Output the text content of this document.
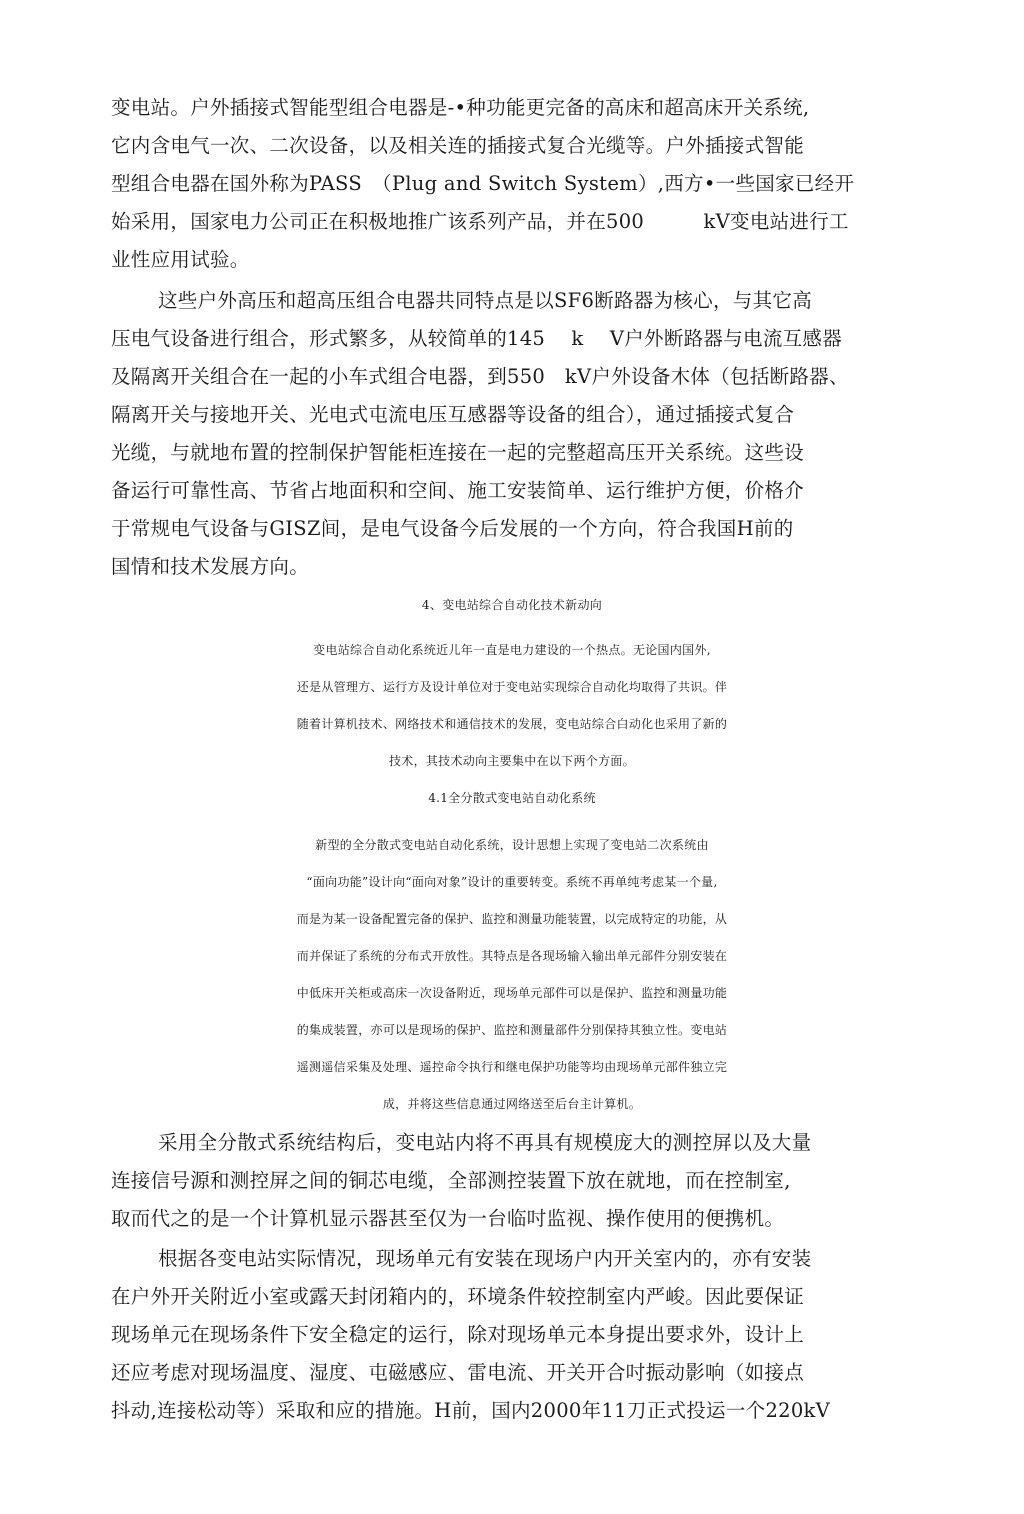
变电站。户外插接式智能型组合电器是-•种功能更完备的高床和超高床开关系统,
它内含电气一次、二次设备，以及相关连的插接式复合光缆等。户外插接式智能
型组合电器在国外称为PASS　（Plug and Switch System）,西方•一些国家已经开
始采用，国家电力公司正在积极地推广该系列产品，并在500　　　kV变电站进行工
业性应用试验。
这些户外高压和超高压组合电器共同特点是以SF6断路器为核心，与其它高
压电气设备进行组合，形式繁多，从较简单的145　 k　 V户外断路器与电流互感器
及隔离开关组合在一起的小车式组合电器，到550　kV户外设备木体（包括断路器、
隔离开关与接地开关、光电式屯流电压互感器等设备的组合），通过插接式复合
光缆，与就地布置的控制保护智能柜连接在一起的完整超高压开关系统。这些设
备运行可靠性高、节省占地面积和空间、施工安装简单、运行维护方便，价格介
于常规电气设备与GISZ间，是电气设备今后发展的一个方向，符合我国H前的
国情和技术发展方向。
4、变电站综合自动化技术新动向
变电站综合自动化系统近儿年一直是电力建设的一个热点。无论国内国外,
还是从管理方、运行方及设计单位对于变电站实现综合自动化均取得了共识。伴
随着计算机技术、网络技术和通信技术的发展，变电站综合白动化也采用了新的
技术，其技术动向主要集中在以下两个方面。
4.1全分散式变电站自动化系统
新型的全分散式变电站自动化系统，设计思想上实现了变电站二次系统由
“面向功能”设计向“面向对象”设计的重要转变。系统不再单纯考虑某一个量,
而是为某一设备配置完备的保护、监控和测量功能装置，以完成特定的功能，从
而并保证了系统的分布式开放性。其特点是各现场输入输出单元部件分别安装在
中低床开关柜或高床一次设备附近，现场单元部件可以是保护、监控和测量功能
的集成装置，亦可以是现场的保护、监控和测量部件分别保持其独立性。变电站
遥测遥信采集及处理、遥控命令执行和继电保护功能等均由现场单元部件独立完
成，并将这些信息通过网络送至后台主计算机。
采用全分散式系统结构后，变电站内将不再具有规模庞大的测控屏以及大量
连接信号源和测控屏之间的铜芯电缆，全部测控装置下放在就地，而在控制室,
取而代之的是一个计算机显示器甚至仅为一台临吋监视、操作使用的便携机。
根据各变电站实际情况，现场单元有安装在现场户内开关室内的，亦有安装
在户外开关附近小室或露天封闭箱内的，环境条件较控制室内严峻。因此要保证
现场单元在现场条件下安全稳定的运行，除对现场单元本身提出要求外，设计上
还应考虑对现场温度、湿度、屯磁感应、雷电流、开关开合吋振动影响（如接点
抖动,连接松动等）采取和应的措施。H前，国内2000年11刀正式投运一个220kV
